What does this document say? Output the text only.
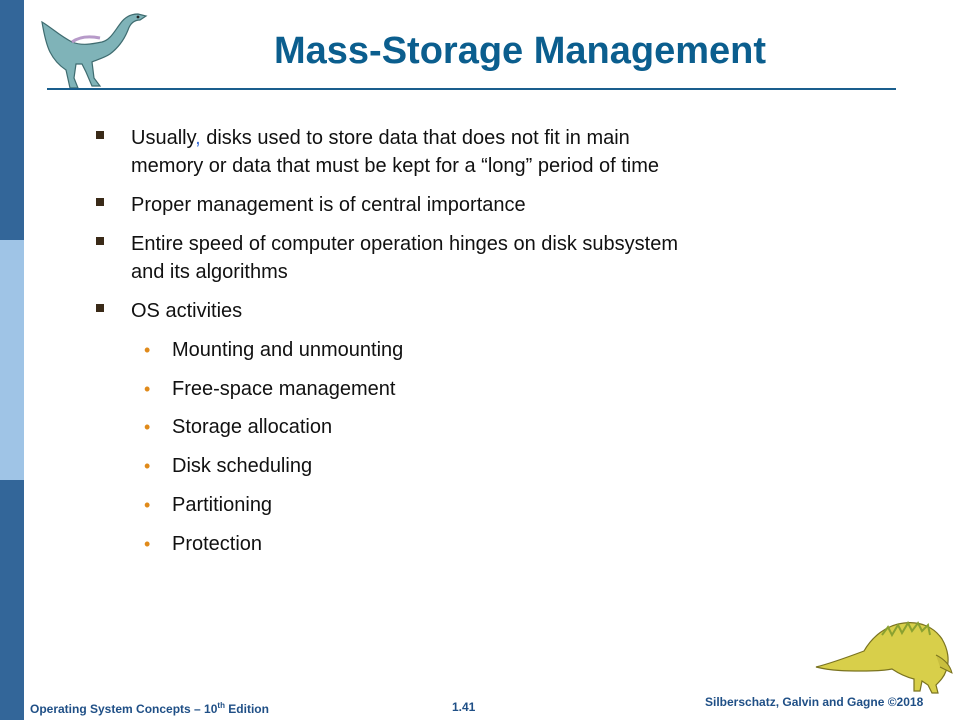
Mass-Storage Management
Usually, disks used to store data that does not fit in main
memory or data that must be kept for a “long” period of time
Proper management is of central importance
Entire speed of computer operation hinges on disk subsystem
and its algorithms
OS activities
• Mounting and unmounting
• Free-space management
• Storage allocation
• Disk scheduling
• Partitioning
• Protection
Operating System Concepts – 10th Edition	1.41	Silberschatz, Galvin and Gagne ©2018
